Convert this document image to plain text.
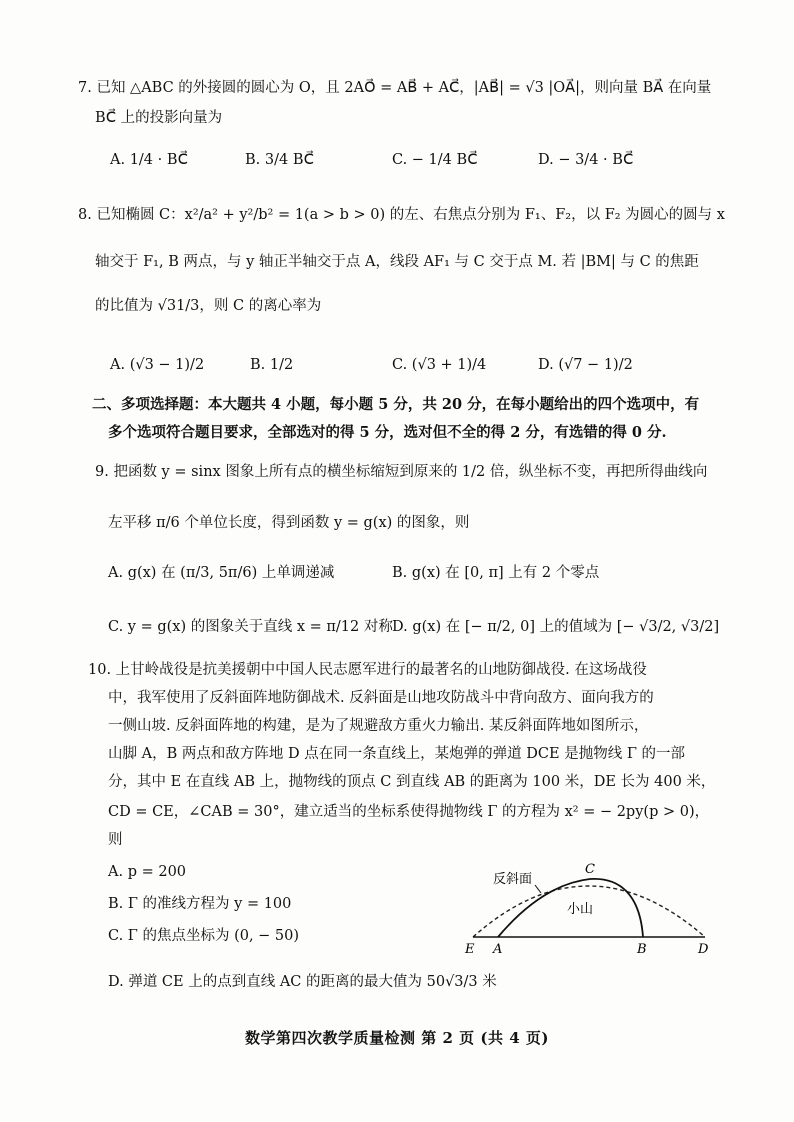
7. 已知 △ABC 的外接圆的圆心为 O，且 2AO⃗ = AB⃗ + AC⃗，|AB⃗| = √3 |OA⃗|，则向量 BA⃗ 在向量
BC⃗ 上的投影向量为
A. 1/4 · BC⃗	B. 3/4 BC⃗	C. − 1/4 BC⃗	D. − 3/4 · BC⃗
8. 已知椭圆 C：x²/a² + y²/b² = 1(a > b > 0) 的左、右焦点分别为 F₁、F₂，以 F₂ 为圆心的圆与 x
轴交于 F₁, B 两点，与 y 轴正半轴交于点 A，线段 AF₁ 与 C 交于点 M. 若 |BM| 与 C 的焦距
的比值为 √31/3，则 C 的离心率为
A. (√3 − 1)/2	B. 1/2	C. (√3 + 1)/4	D. (√7 − 1)/2
二、多项选择题：本大题共 4 小题，每小题 5 分，共 20 分，在每小题给出的四个选项中，有
多个选项符合题目要求，全部选对的得 5 分，选对但不全的得 2 分，有选错的得 0 分.
9. 把函数 y = sinx 图象上所有点的横坐标缩短到原来的 1/2 倍，纵坐标不变，再把所得曲线向
左平移 π/6 个单位长度，得到函数 y = g(x) 的图象，则
A. g(x) 在 (π/3, 5π/6) 上单调递减	B. g(x) 在 [0, π] 上有 2 个零点
C. y = g(x) 的图象关于直线 x = π/12 对称 D. g(x) 在 [− π/2, 0] 上的值域为 [− √3/2, √3/2]
10. 上甘岭战役是抗美援朝中中国人民志愿军进行的最著名的山地防御战役. 在这场战役
中，我军使用了反斜面阵地防御战术. 反斜面是山地攻防战斗中背向敌方、面向我方的
一侧山坡. 反斜面阵地的构建，是为了规避敌方重火力输出. 某反斜面阵地如图所示，
山脚 A，B 两点和敌方阵地 D 点在同一条直线上，某炮弹的弹道 DCE 是抛物线 Γ 的一部
分，其中 E 在直线 AB 上，抛物线的顶点 C 到直线 AB 的距离为 100 米，DE 长为 400 米，
CD = CE，∠CAB = 30°，建立适当的坐标系使得抛物线 Γ 的方程为 x² = − 2py(p > 0)，
则
A. p = 200
B. Γ 的准线方程为 y = 100
C. Γ 的焦点坐标为 (0, − 50)
D. 弹道 CE 上的点到直线 AC 的距离的最大值为 50√3/3 米
反斜面
小山
C
E A	B	D
数学第四次教学质量检测 第 2 页 (共 4 页)
